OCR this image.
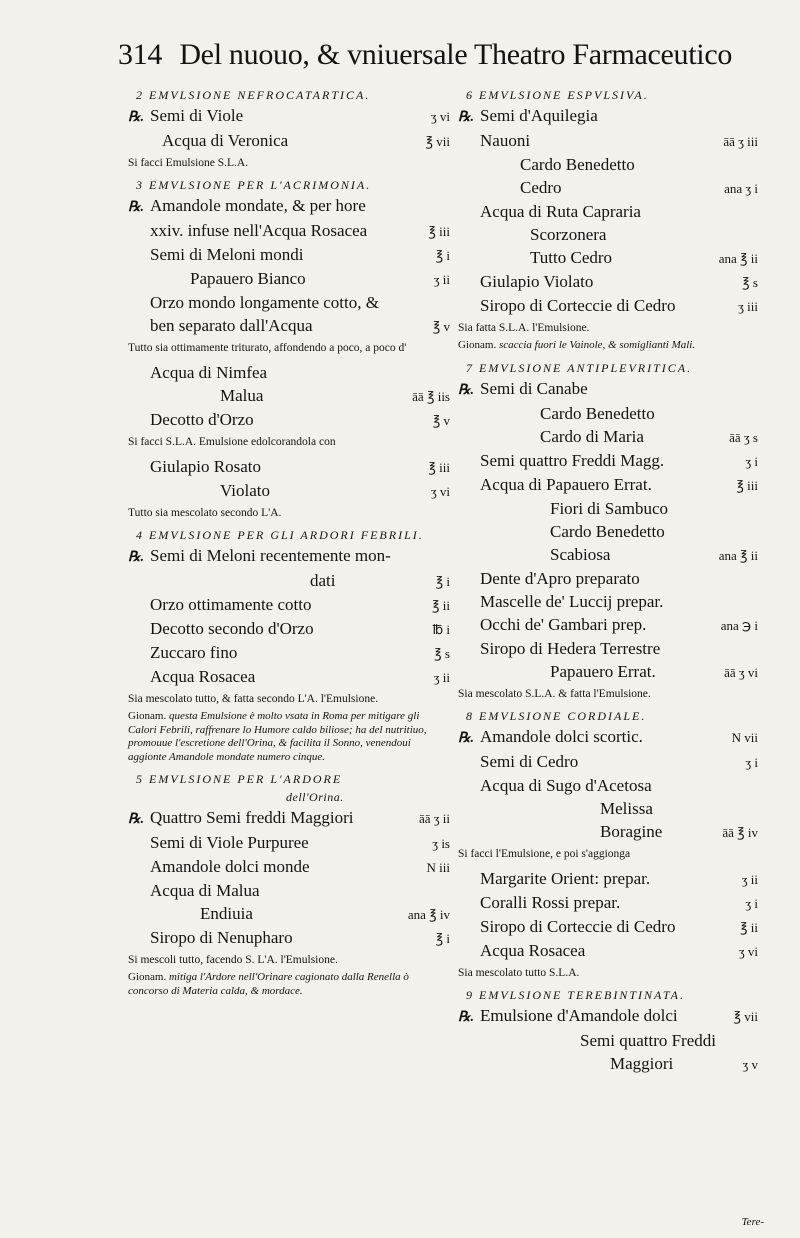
314 Del nuouo, & vniuersale Theatro Farmaceutico
2 EMVLSIONE NEFROCATARTICA.
℞. Semi di Viole	ʒ vi
Acqua di Veronica	℥ vii
Si facci Emulsione S.L.A.
3 EMVLSIONE PER L'ACRIMONIA.
℞. Amandole mondate, & per hore
xxiv. infuse nell'Acqua Rosacea	℥ iii
Semi di Meloni mondi	℥ i
Papauero Bianco	ʒ ii
Orzo mondo longamente cotto, &
ben separato dall'Acqua	℥ v
Tutto sia ottimamente triturato, affondendo a poco, a poco d'
Acqua di Nimfea
Malua	āā ℥ iis
Decotto d'Orzo	℥ v
Si facci S.L.A. Emulsione edolcorandola con
Giulapio Rosato	℥ iii
Violato	ʒ vi
Tutto sia mescolato secondo L'A.
4 EMVLSIONE PER GLI ARDORI FEBRILI.
℞. Semi di Meloni recentemente mon-
dati	℥ i
Orzo ottimamente cotto	℥ ii
Decotto secondo d'Orzo	℔ i
Zuccaro fino	℥ s
Acqua Rosacea	ʒ ii
Sia mescolato tutto, & fatta secondo L'A. l'Emulsione.
Gionam. questa Emulsione è molto vsata in Roma per mitigare gli Calori Febrili, raffrenare lo Humore caldo biliose; ha del nutritiuo, promouue l'escretione dell'Orina, & facilita il Sonno, venendoui aggionte Amandole mondate numero cinque.
5 EMVLSIONE PER L'ARDORE
dell'Orina.
℞. Quattro Semi freddi Maggiori	āā ʒ ii
Semi di Viole Purpuree	ʒ is
Amandole dolci monde	N iii
Acqua di Malua
Endiuia	ana ℥ iv
Siropo di Nenupharo	℥ i
Si mescoli tutto, facendo S. L'A. l'Emulsione.
Gionam. mitiga l'Ardore nell'Orinare cagionato dalla Renella ò concorso di Materia calda, & mordace.
6 EMVLSIONE ESPVLSIVA.
℞. Semi d'Aquilegia
Nauoni	āā ʒ iii
Cardo Benedetto
Cedro	ana ʒ i
Acqua di Ruta Capraria
Scorzonera
Tutto Cedro	ana ℥ ii
Giulapio Violato	℥ s
Siropo di Corteccie di Cedro	ʒ iii
Sia fatta S.L.A. l'Emulsione.
Gionam. scaccia fuori le Vainole, & somiglianti Mali.
7 EMVLSIONE ANTIPLEVRITICA.
℞. Semi di Canabe
Cardo Benedetto
Cardo di Maria	āā ʒ s
Semi quattro Freddi Magg.	ʒ i
Acqua di Papauero Errat.	℥ iii
Fiori di Sambuco
Cardo Benedetto
Scabiosa	ana ℥ ii
Dente d'Apro preparato
Mascelle de' Luccij prepar.
Occhi de' Gambari prep.	ana ℈ i
Siropo di Hedera Terrestre
Papauero Errat.	āā ʒ vi
Sia mescolato S.L.A. & fatta l'Emulsione.
8 EMVLSIONE CORDIALE.
℞. Amandole dolci scortic.	N vii
Semi di Cedro	ʒ i
Acqua di Sugo d'Acetosa
Melissa
Boragine	āā ℥ iv
Si facci l'Emulsione, e poi s'aggionga
Margarite Orient: prepar.	ʒ ii
Coralli Rossi prepar.	ʒ i
Siropo di Corteccie di Cedro	℥ ii
Acqua Rosacea	ʒ vi
Sia mescolato tutto S.L.A.
9 EMVLSIONE TEREBINTINATA.
℞. Emulsione d'Amandole dolci	℥ vii
Semi quattro Freddi
Maggiori	ʒ v
Tere-
